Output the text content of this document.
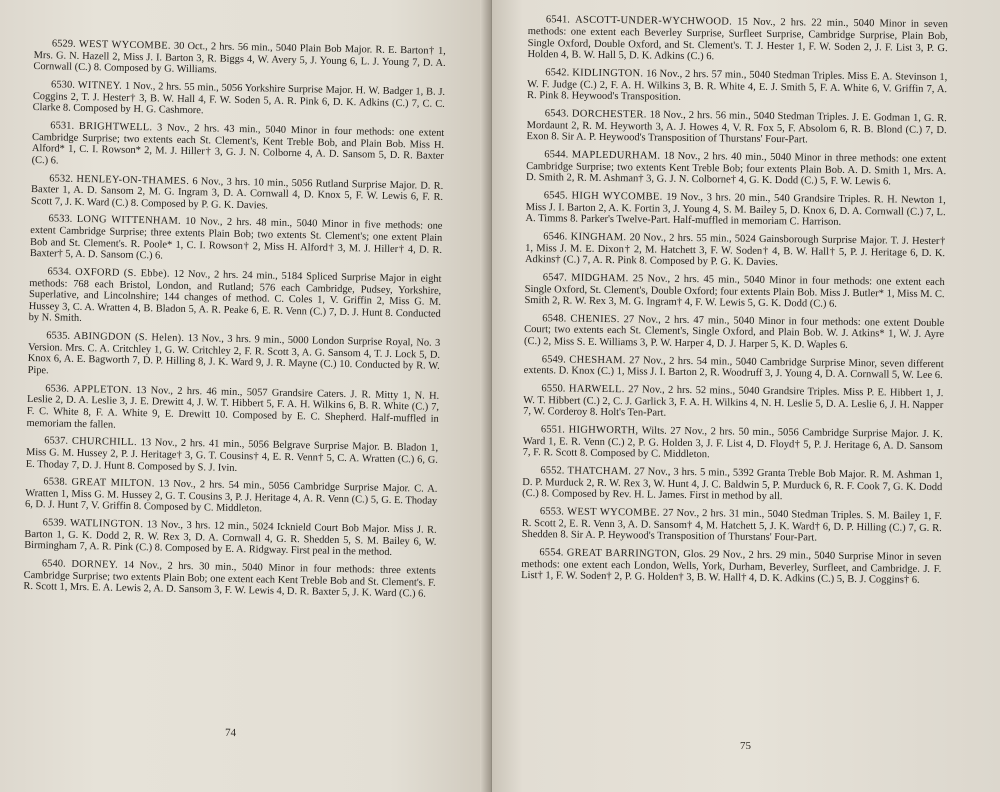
6529. WEST WYCOMBE. 30 Oct., 2 hrs. 56 min., 5040 Plain Bob Major. R. E. Barton† 1, Mrs. G. N. Hazell 2, Miss J. I. Barton 3, R. Biggs 4, W. Avery 5, J. Young 6, L. J. Young 7, D. A. Cornwall (C.) 8. Composed by G. Williams.

6530. WITNEY. 1 Nov., 2 hrs. 55 min., 5056 Yorkshire Surprise Major. H. W. Badger 1, B. J. Coggins 2, T. J. Hester† 3, B. W. Hall 4, F. W. Soden 5, A. R. Pink 6, D. K. Adkins (C.) 7, C. C. Clarke 8. Composed by H. G. Cashmore.

6531. BRIGHTWELL. 3 Nov., 2 hrs. 43 min., 5040 Minor in four methods: one extent Cambridge Surprise; two extents each St. Clement's, Kent Treble Bob, and Plain Bob. Miss H. Alford* 1, C. I. Rowson* 2, M. J. Hiller† 3, G. J. N. Colborne 4, A. D. Sansom 5, D. R. Baxter (C.) 6.

6532. HENLEY-ON-THAMES. 6 Nov., 3 hrs. 10 min., 5056 Rutland Surprise Major. D. R. Baxter 1, A. D. Sansom 2, M. G. Ingram 3, D. A. Cornwall 4, D. Knox 5, F. W. Lewis 6, F. R. Scott 7, J. K. Ward (C.) 8. Composed by P. G. K. Davies.

6533. LONG WITTENHAM. 10 Nov., 2 hrs. 48 min., 5040 Minor in five methods: one extent Cambridge Surprise; three extents Plain Bob; two extents St. Clement's; one extent Plain Bob and St. Clement's. R. Poole* 1, C. I. Rowson† 2, Miss H. Alford† 3, M. J. Hiller† 4, D. R. Baxter† 5, A. D. Sansom (C.) 6.

6534. OXFORD (S. Ebbe). 12 Nov., 2 hrs. 24 min., 5184 Spliced Surprise Major in eight methods: 768 each Bristol, London, and Rutland; 576 each Cambridge, Pudsey, Yorkshire, Superlative, and Lincolnshire; 144 changes of method. C. Coles 1, V. Griffin 2, Miss G. M. Hussey 3, C. A. Wratten 4, B. Bladon 5, A. R. Peake 6, E. R. Venn (C.) 7, D. J. Hunt 8. Conducted by N. Smith.

6535. ABINGDON (S. Helen). 13 Nov., 3 hrs. 9 min., 5000 London Surprise Royal, No. 3 Version. Mrs. C. A. Critchley 1, G. W. Critchley 2, F. R. Scott 3, A. G. Sansom 4, T. J. Lock 5, D. Knox 6, A. E. Bagworth 7, D. P. Hilling 8, J. K. Ward 9, J. R. Mayne (C.) 10. Conducted by R. W. Pipe.

6536. APPLETON. 13 Nov., 2 hrs. 46 min., 5057 Grandsire Caters. J. R. Mitty 1, N. H. Leslie 2, D. A. Leslie 3, J. E. Drewitt 4, J. W. T. Hibbert 5, F. A. H. Wilkins 6, B. R. White (C.) 7, F. C. White 8, F. A. White 9, E. Drewitt 10. Composed by E. C. Shepherd. Half-muffled in memoriam the fallen.

6537. CHURCHILL. 13 Nov., 2 hrs. 41 min., 5056 Belgrave Surprise Major. B. Bladon 1, Miss G. M. Hussey 2, P. J. Heritage† 3, G. T. Cousins† 4, E. R. Venn† 5, C. A. Wratten (C.) 6, G. E. Thoday 7, D. J. Hunt 8. Composed by S. J. Ivin.

6538. GREAT MILTON. 13 Nov., 2 hrs. 54 min., 5056 Cambridge Surprise Major. C. A. Wratten 1, Miss G. M. Hussey 2, G. T. Cousins 3, P. J. Heritage 4, A. R. Venn (C.) 5, G. E. Thoday 6, D. J. Hunt 7, V. Griffin 8. Composed by C. Middleton.

6539. WATLINGTON. 13 Nov., 3 hrs. 12 min., 5024 Icknield Court Bob Major. Miss J. R. Barton 1, G. K. Dodd 2, R. W. Rex 3, D. A. Cornwall 4, G. R. Shedden 5, S. M. Bailey 6, W. Birmingham 7, A. R. Pink (C.) 8. Composed by E. A. Ridgway. First peal in the method.

6540. DORNEY. 14 Nov., 2 hrs. 30 min., 5040 Minor in four methods: three extents Cambridge Surprise; two extents Plain Bob; one extent each Kent Treble Bob and St. Clement's. F. R. Scott 1, Mrs. E. A. Lewis 2, A. D. Sansom 3, F. W. Lewis 4, D. R. Baxter 5, J. K. Ward (C.) 6.

74

6541. ASCOTT-UNDER-WYCHWOOD. 15 Nov., 2 hrs. 22 min., 5040 Minor in seven methods: one extent each Beverley Surprise, Surfleet Surprise, Cambridge Surprise, Plain Bob, Single Oxford, Double Oxford, and St. Clement's. T. J. Hester 1, F. W. Soden 2, J. F. List 3, P. G. Holden 4, B. W. Hall 5, D. K. Adkins (C.) 6.

6542. KIDLINGTON. 16 Nov., 2 hrs. 57 min., 5040 Stedman Triples. Miss E. A. Stevinson 1, W. F. Judge (C.) 2, F. A. H. Wilkins 3, B. R. White 4, E. J. Smith 5, F. A. White 6, V. Griffin 7, A. R. Pink 8. Heywood's Transposition.

6543. DORCHESTER. 18 Nov., 2 hrs. 56 min., 5040 Stedman Triples. J. E. Godman 1, G. R. Mordaunt 2, R. M. Heyworth 3, A. J. Howes 4, V. R. Fox 5, F. Absolom 6, R. B. Blond (C.) 7, D. Exon 8. Sir A. P. Heywood's Transposition of Thurstans' Four-Part.

6544. MAPLEDURHAM. 18 Nov., 2 hrs. 40 min., 5040 Minor in three methods: one extent Cambridge Surprise; two extents Kent Treble Bob; four extents Plain Bob. A. D. Smith 1, Mrs. A. D. Smith 2, R. M. Ashman† 3, G. J. N. Colborne† 4, G. K. Dodd (C.) 5, F. W. Lewis 6.

6545. HIGH WYCOMBE. 19 Nov., 3 hrs. 20 min., 540 Grandsire Triples. R. H. Newton 1, Miss J. I. Barton 2, A. K. Fortin 3, J. Young 4, S. M. Bailey 5, D. Knox 6, D. A. Cornwall (C.) 7, L. A. Timms 8. Parker's Twelve-Part. Half-muffled in memoriam C. Harrison.

6546. KINGHAM. 20 Nov., 2 hrs. 55 min., 5024 Gainsborough Surprise Major. T. J. Hester† 1, Miss J. M. E. Dixon† 2, M. Hatchett 3, F. W. Soden† 4, B. W. Hall† 5, P. J. Heritage 6, D. K. Adkins† (C.) 7, A. R. Pink 8. Composed by P. G. K. Davies.

6547. MIDGHAM. 25 Nov., 2 hrs. 45 min., 5040 Minor in four methods: one extent each Single Oxford, St. Clement's, Double Oxford; four extents Plain Bob. Miss J. Butler* 1, Miss M. C. Smith 2, R. W. Rex 3, M. G. Ingram† 4, F. W. Lewis 5, G. K. Dodd (C.) 6.

6548. CHENIES. 27 Nov., 2 hrs. 47 min., 5040 Minor in four methods: one extent Double Court; two extents each St. Clement's, Single Oxford, and Plain Bob. W. J. Atkins* 1, W. J. Ayre (C.) 2, Miss S. E. Williams 3, P. W. Harper 4, D. J. Harper 5, K. D. Waples 6.

6549. CHESHAM. 27 Nov., 2 hrs. 54 min., 5040 Cambridge Surprise Minor, seven different extents. D. Knox (C.) 1, Miss J. I. Barton 2, R. Woodruff 3, J. Young 4, D. A. Cornwall 5, W. Lee 6.

6550. HARWELL. 27 Nov., 2 hrs. 52 mins., 5040 Grandsire Triples. Miss P. E. Hibbert 1, J. W. T. Hibbert (C.) 2, C. J. Garlick 3, F. A. H. Wilkins 4, N. H. Leslie 5, D. A. Leslie 6, J. H. Napper 7, W. Corderoy 8. Holt's Ten-Part.

6551. HIGHWORTH, Wilts. 27 Nov., 2 hrs. 50 min., 5056 Cambridge Surprise Major. J. K. Ward 1, E. R. Venn (C.) 2, P. G. Holden 3, J. F. List 4, D. Floyd† 5, P. J. Heritage 6, A. D. Sansom 7, F. R. Scott 8. Composed by C. Middleton.

6552. THATCHAM. 27 Nov., 3 hrs. 5 min., 5392 Granta Treble Bob Major. R. M. Ashman 1, D. P. Murduck 2, R. W. Rex 3, W. Hunt 4, J. C. Baldwin 5, P. Murduck 6, R. F. Cook 7, G. K. Dodd (C.) 8. Composed by Rev. H. L. James. First in method by all.

6553. WEST WYCOMBE. 27 Nov., 2 hrs. 31 min., 5040 Stedman Triples. S. M. Bailey 1, F. R. Scott 2, E. R. Venn 3, A. D. Sansom† 4, M. Hatchett 5, J. K. Ward† 6, D. P. Hilling (C.) 7, G. R. Shedden 8. Sir A. P. Heywood's Transposition of Thurstans' Four-Part.

6554. GREAT BARRINGTON, Glos. 29 Nov., 2 hrs. 29 min., 5040 Surprise Minor in seven methods: one extent each London, Wells, York, Durham, Beverley, Surfleet, and Cambridge. J. F. List† 1, F. W. Soden† 2, P. G. Holden† 3, B. W. Hall† 4, D. K. Adkins (C.) 5, B. J. Coggins† 6.

75
